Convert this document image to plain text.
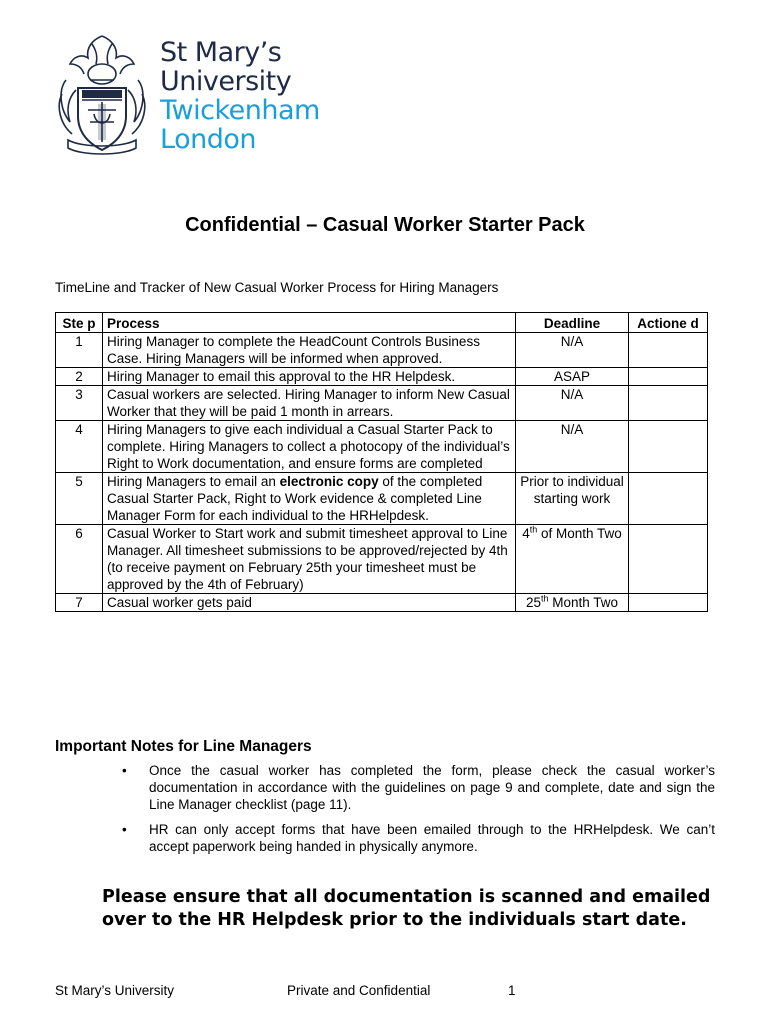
St Mary’s
University
Twickenham
London
Confidential – Casual Worker Starter Pack
TimeLine and Tracker of New Casual Worker Process for Hiring Managers
Ste p	Process	Deadline	Actione d
1	Hiring Manager to complete the HeadCount Controls Business Case. Hiring Managers will be informed when approved.	N/A	
2	Hiring Manager to email this approval to the HR Helpdesk.	ASAP	
3	Casual workers are selected. Hiring Manager to inform New Casual Worker that they will be paid 1 month in arrears.	N/A	
4	Hiring Managers to give each individual a Casual Starter Pack to complete. Hiring Managers to collect a photocopy of the individual’s Right to Work documentation, and ensure forms are completed	N/A	
5	Hiring Managers to email an electronic copy of the completed Casual Starter Pack, Right to Work evidence & completed Line Manager Form for each individual to the HRHelpdesk.	Prior to individual starting work	
6	Casual Worker to Start work and submit timesheet approval to Line Manager. All timesheet submissions to be approved/rejected by 4th (to receive payment on February 25th your timesheet must be approved by the 4th of February)	4th of Month Two	
7	Casual worker gets paid	25th Month Two	
Important Notes for Line Managers
• Once the casual worker has completed the form, please check the casual worker’s documentation in accordance with the guidelines on page 9 and complete, date and sign the Line Manager checklist (page 11).
• HR can only accept forms that have been emailed through to the HRHelpdesk. We can’t accept paperwork being handed in physically anymore.
Please ensure that all documentation is scanned and emailed over to the HR Helpdesk prior to the individuals start date.
St Mary’s University	Private and Confidential	1
